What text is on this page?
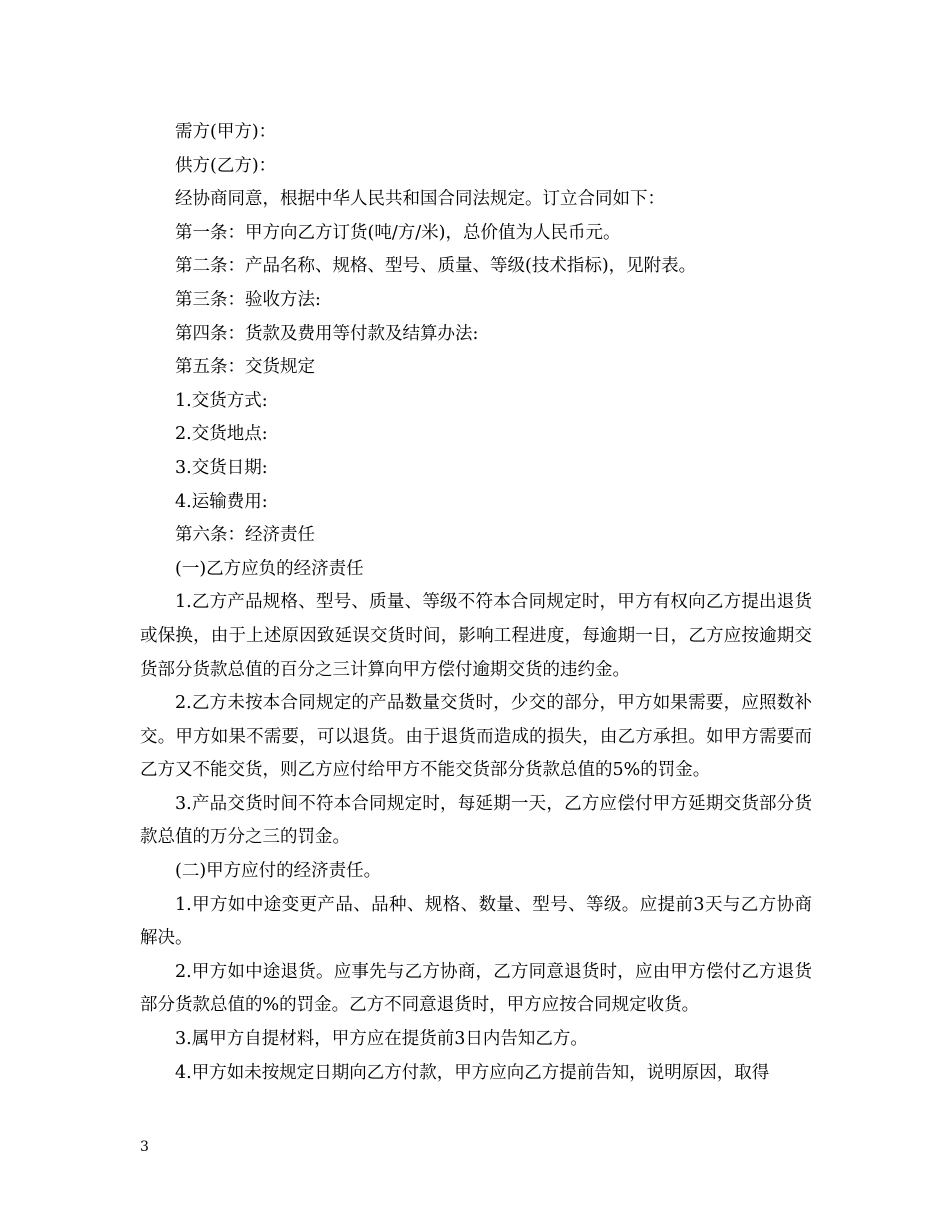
需方(甲方)：
供方(乙方)：
经协商同意，根据中华人民共和国合同法规定。订立合同如下：
第一条：甲方向乙方订货(吨/方/米)，总价值为人民币元。
第二条：产品名称、规格、型号、质量、等级(技术指标)，见附表。
第三条：验收方法:
第四条：货款及费用等付款及结算办法:
第五条：交货规定
1.交货方式:
2.交货地点:
3.交货日期:
4.运输费用:
第六条：经济责任
(一)乙方应负的经济责任
1.乙方产品规格、型号、质量、等级不符本合同规定时，甲方有权向乙方提出退货或保换，由于上述原因致延误交货时间，影响工程进度，每逾期一日，乙方应按逾期交货部分货款总值的百分之三计算向甲方偿付逾期交货的违约金。
2.乙方未按本合同规定的产品数量交货时，少交的部分，甲方如果需要，应照数补交。甲方如果不需要，可以退货。由于退货而造成的损失，由乙方承担。如甲方需要而乙方又不能交货，则乙方应付给甲方不能交货部分货款总值的5%的罚金。
3.产品交货时间不符本合同规定时，每延期一天，乙方应偿付甲方延期交货部分货款总值的万分之三的罚金。
(二)甲方应付的经济责任。
1.甲方如中途变更产品、品种、规格、数量、型号、等级。应提前3天与乙方协商解决。
2.甲方如中途退货。应事先与乙方协商，乙方同意退货时，应由甲方偿付乙方退货部分货款总值的%的罚金。乙方不同意退货时，甲方应按合同规定收货。
3.属甲方自提材料，甲方应在提货前3日内告知乙方。
4.甲方如未按规定日期向乙方付款，甲方应向乙方提前告知，说明原因，取得
3
